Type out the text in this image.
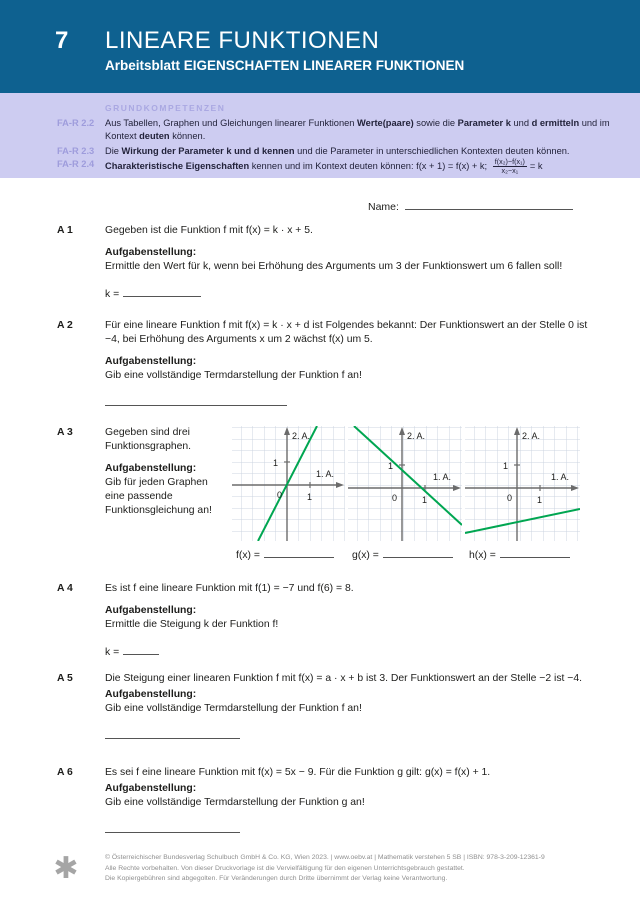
7 LINEARE FUNKTIONEN
Arbeitsblatt EIGENSCHAFTEN LINEARER FUNKTIONEN
GRUNDKOMPETENZEN
FA-R 2.2	Aus Tabellen, Graphen und Gleichungen linearer Funktionen Werte(paare) sowie die Parameter k und d ermitteln und im Kontext deuten können.
FA-R 2.3	Die Wirkung der Parameter k und d kennen und die Parameter in unterschiedlichen Kontexten deuten können.
FA-R 2.4	Charakteristische Eigenschaften kennen und im Kontext deuten können: f(x + 1) = f(x) + k; $\frac{\text{f(x₂)−f(x₁)}}{\text{x₂−x₁}} = k$
Name:
A 1	Gegeben ist die Funktion f mit f(x) = k · x + 5.

Aufgabenstellung:

Ermittle den Wert für k, wenn bei Erhöhung des Arguments um 3 der Funktionswert um 6 fallen soll!

k =

A 2	Für eine lineare Funktion f mit f(x) = k · x + d ist Folgendes bekannt: Der Funktionswert an der Stelle 0 ist −4, bei Erhöhung des Arguments x um 2 wächst f(x) um 5.

Aufgabenstellung:

Gib eine vollständige Termdarstellung der Funktion f an!

A 3	Gegeben sind drei Funktionsgraphen.

Aufgabenstellung:

Gib für jeden Graphen eine passende Funktionsgleichung an!

2. A.
1. A.
0	1
1
f(x) =
2. A.
1. A.
0	1
1
g(x) =
2. A.
1. A.
0	1
1
h(x) =
A 4	Es ist f eine lineare Funktion mit f(1) = −7 und f(6) = 8.

Aufgabenstellung:

Ermittle die Steigung k der Funktion f!

k =

A 5	Die Steigung einer linearen Funktion f mit f(x) = a · x + b ist 3. Der Funktionswert an der Stelle −2 ist −4.

Aufgabenstellung:

Gib eine vollständige Termdarstellung der Funktion f an!

A 6	Es sei f eine lineare Funktion mit f(x) = 5x − 9. Für die Funktion g gilt: g(x) = f(x) + 1.

Aufgabenstellung:

Gib eine vollständige Termdarstellung der Funktion g an!

✱	© Österreichischer Bundesverlag Schulbuch GmbH & Co. KG, Wien 2023. | www.oebv.at | Mathematik verstehen 5 SB | ISBN: 978-3-209-12361-9
Alle Rechte vorbehalten. Von dieser Druckvorlage ist die Vervielfältigung für den eigenen Unterrichtsgebrauch gestattet.
Die Kopiergebühren sind abgegolten. Für Veränderungen durch Dritte übernimmt der Verlag keine Verantwortung.
